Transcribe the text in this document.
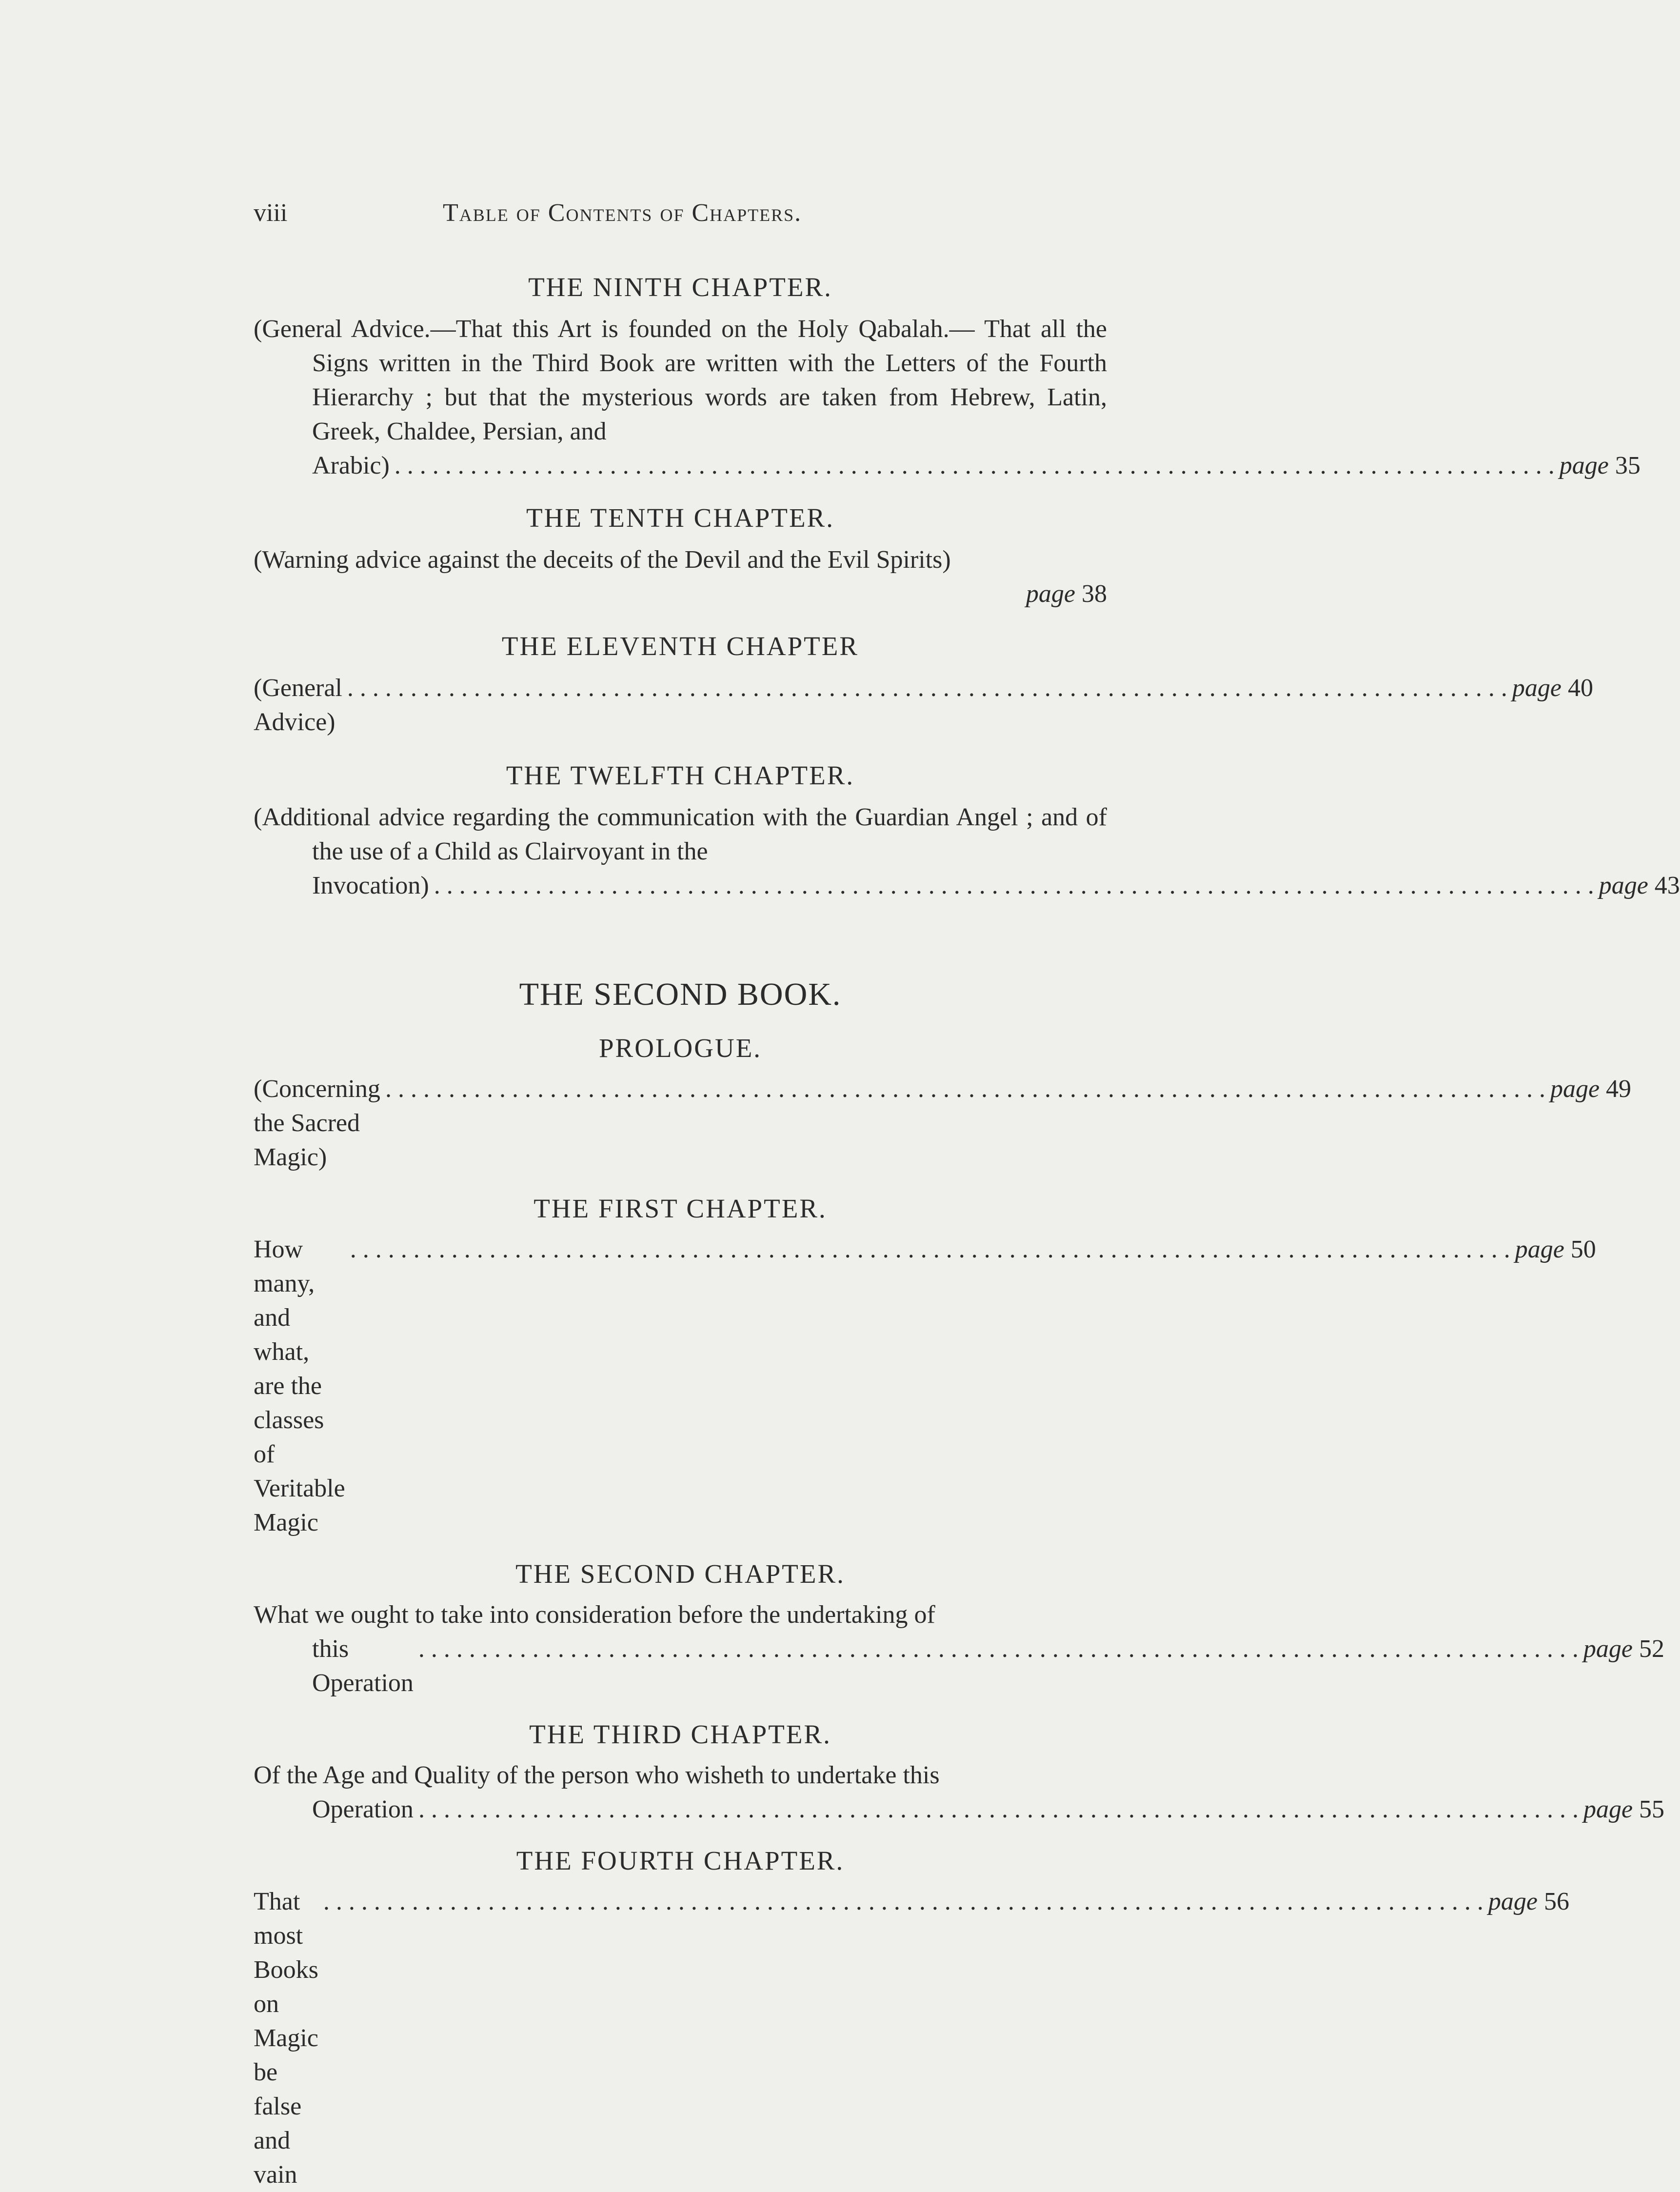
viii	Table of Contents of Chapters.
THE NINTH CHAPTER.
(General Advice.—That this Art is founded on the Holy Qabalah.— That all the Signs written in the Third Book are written with the Letters of the Fourth Hierarchy ; but that the mysterious words are taken from Hebrew, Latin, Greek, Chaldee, Persian, and
Arabic) . . . . . . . . . . . . . . . . . . . . . . . . . . . . . . . . . . . . . . . . . . . . . . . . . . . . . . . . . . . . . . . . . . . . . . . . . . . . . . . . . . . . . . . . . . . . page 35
THE TENTH CHAPTER.
(Warning advice against the deceits of the Devil and the Evil Spirits)
page 38
THE ELEVENTH CHAPTER
(General Advice)
. . . . . . . . . . . . . . . . . . . . . . . . . . . . . . . . . . . . . . . . . . . . . . . . . . . . . . . . . . . . . . . . . . . . . . . . . . . . . . . . . . . . . . . . . . . . page 40
THE TWELFTH CHAPTER.
(Additional advice regarding the communication with the Guardian Angel ; and of the use of a Child as Clairvoyant in the
Invocation) . . . . . . . . . . . . . . . . . . . . . . . . . . . . . . . . . . . . . . . . . . . . . . . . . . . . . . . . . . . . . . . . . . . . . . . . . . . . . . . . . . . . . . . . . . . . page 43
THE SECOND BOOK.
PROLOGUE.
(Concerning the Sacred Magic)
. . . . . . . . . . . . . . . . . . . . . . . . . . . . . . . . . . . . . . . . . . . . . . . . . . . . . . . . . . . . . . . . . . . . . . . . . . . . . . . . . . . . . . . . . . . . page 49
THE FIRST CHAPTER.
How many, and what, are the classes of Veritable Magic
. . . . . . . . . . . . . . . . . . . . . . . . . . . . . . . . . . . . . . . . . . . . . . . . . . . . . . . . . . . . . . . . . . . . . . . . . . . . . . . . . . . . . . . . . . . . page 50
THE SECOND CHAPTER.
What we ought to take into consideration before the undertaking of
this Operation
. . . . . . . . . . . . . . . . . . . . . . . . . . . . . . . . . . . . . . . . . . . . . . . . . . . . . . . . . . . . . . . . . . . . . . . . . . . . . . . . . . . . . . . . . . . . page 52
THE THIRD CHAPTER.
Of the Age and Quality of the person who wisheth to undertake this
Operation . . . . . . . . . . . . . . . . . . . . . . . . . . . . . . . . . . . . . . . . . . . . . . . . . . . . . . . . . . . . . . . . . . . . . . . . . . . . . . . . . . . . . . . . . . . . page 55
THE FOURTH CHAPTER.
That most Books on Magic be false and vain
. . . . . . . . . . . . . . . . . . . . . . . . . . . . . . . . . . . . . . . . . . . . . . . . . . . . . . . . . . . . . . . . . . . . . . . . . . . . . . . . . . . . . . . . . . . . page 56
